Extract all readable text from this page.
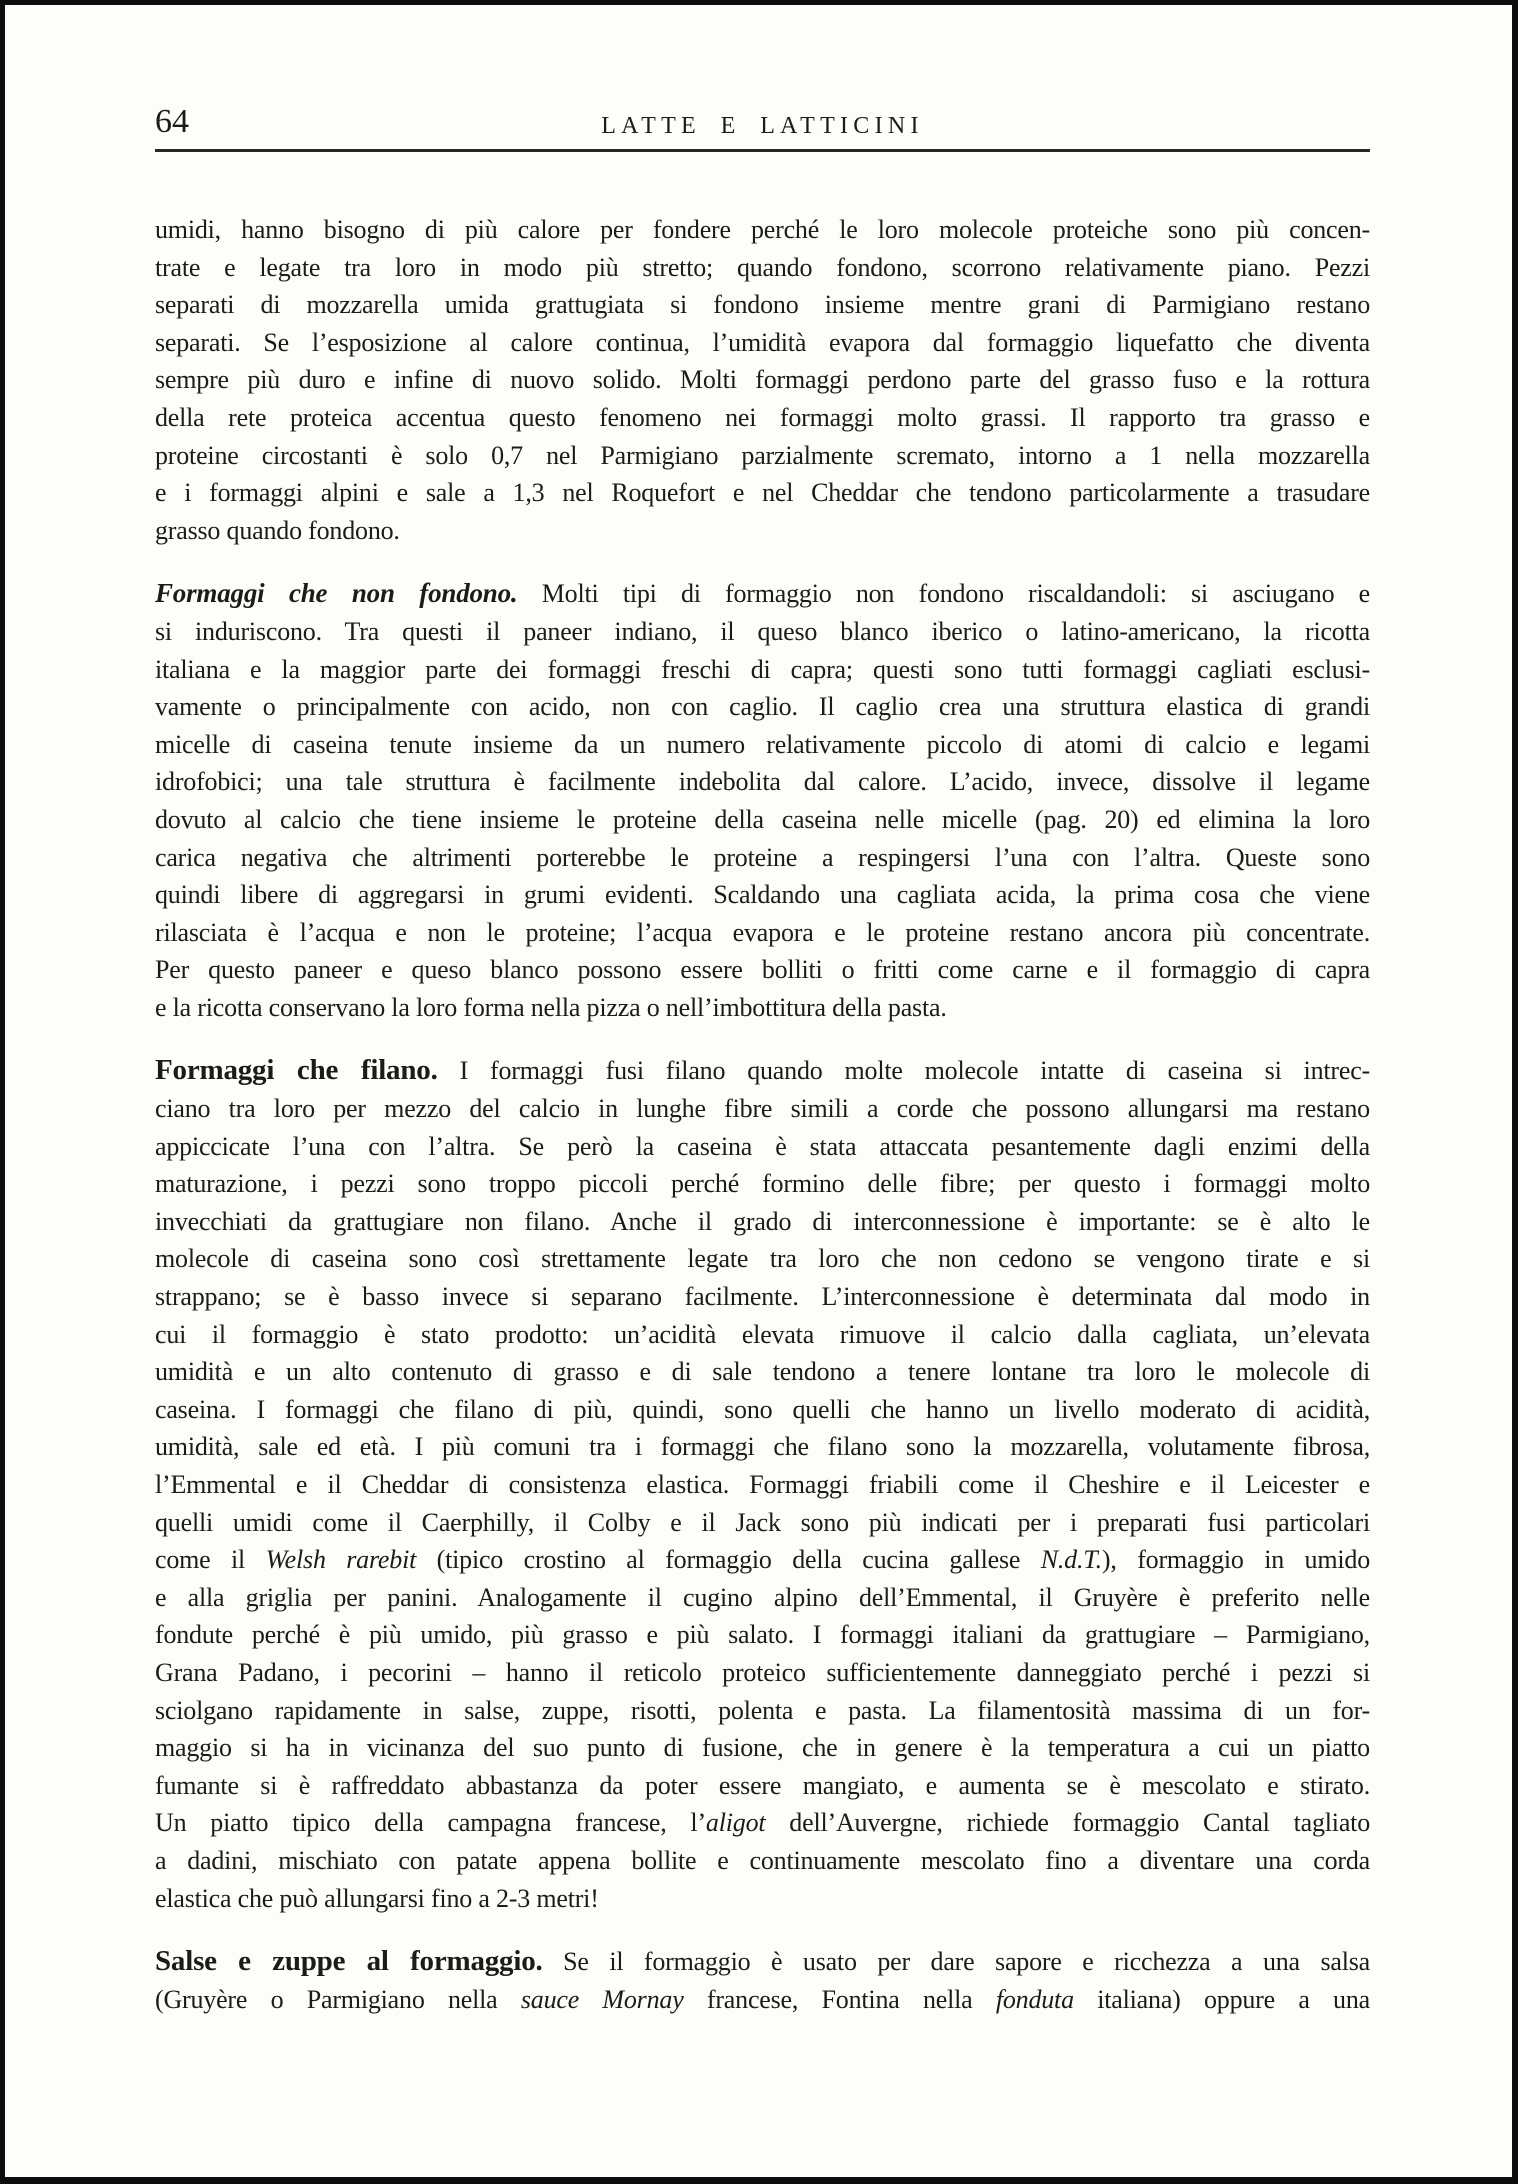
64	LATTE E LATTICINI
umidi, hanno bisogno di più calore per fondere perché le loro molecole proteiche sono più concen-
trate e legate tra loro in modo più stretto; quando fondono, scorrono relativamente piano. Pezzi
separati di mozzarella umida grattugiata si fondono insieme mentre grani di Parmigiano restano
separati. Se l’esposizione al calore continua, l’umidità evapora dal formaggio liquefatto che diventa
sempre più duro e infine di nuovo solido. Molti formaggi perdono parte del grasso fuso e la rottura
della rete proteica accentua questo fenomeno nei formaggi molto grassi. Il rapporto tra grasso e
proteine circostanti è solo 0,7 nel Parmigiano parzialmente scremato, intorno a 1 nella mozzarella
e i formaggi alpini e sale a 1,3 nel Roquefort e nel Cheddar che tendono particolarmente a trasudare
grasso quando fondono.
Formaggi che non fondono. Molti tipi di formaggio non fondono riscaldandoli: si asciugano e
si induriscono. Tra questi il paneer indiano, il queso blanco iberico o latino-americano, la ricotta
italiana e la maggior parte dei formaggi freschi di capra; questi sono tutti formaggi cagliati esclusi-
vamente o principalmente con acido, non con caglio. Il caglio crea una struttura elastica di grandi
micelle di caseina tenute insieme da un numero relativamente piccolo di atomi di calcio e legami
idrofobici; una tale struttura è facilmente indebolita dal calore. L’acido, invece, dissolve il legame
dovuto al calcio che tiene insieme le proteine della caseina nelle micelle (pag. 20) ed elimina la loro
carica negativa che altrimenti porterebbe le proteine a respingersi l’una con l’altra. Queste sono
quindi libere di aggregarsi in grumi evidenti. Scaldando una cagliata acida, la prima cosa che viene
rilasciata è l’acqua e non le proteine; l’acqua evapora e le proteine restano ancora più concentrate.
Per questo paneer e queso blanco possono essere bolliti o fritti come carne e il formaggio di capra
e la ricotta conservano la loro forma nella pizza o nell’imbottitura della pasta.
Formaggi che filano. I formaggi fusi filano quando molte molecole intatte di caseina si intrec-
ciano tra loro per mezzo del calcio in lunghe fibre simili a corde che possono allungarsi ma restano
appiccicate l’una con l’altra. Se però la caseina è stata attaccata pesantemente dagli enzimi della
maturazione, i pezzi sono troppo piccoli perché formino delle fibre; per questo i formaggi molto
invecchiati da grattugiare non filano. Anche il grado di interconnessione è importante: se è alto le
molecole di caseina sono così strettamente legate tra loro che non cedono se vengono tirate e si
strappano; se è basso invece si separano facilmente. L’interconnessione è determinata dal modo in
cui il formaggio è stato prodotto: un’acidità elevata rimuove il calcio dalla cagliata, un’elevata
umidità e un alto contenuto di grasso e di sale tendono a tenere lontane tra loro le molecole di
caseina. I formaggi che filano di più, quindi, sono quelli che hanno un livello moderato di acidità,
umidità, sale ed età. I più comuni tra i formaggi che filano sono la mozzarella, volutamente fibrosa,
l’Emmental e il Cheddar di consistenza elastica. Formaggi friabili come il Cheshire e il Leicester e
quelli umidi come il Caerphilly, il Colby e il Jack sono più indicati per i preparati fusi particolari
come il Welsh rarebit (tipico crostino al formaggio della cucina gallese N.d.T.), formaggio in umido
e alla griglia per panini. Analogamente il cugino alpino dell’Emmental, il Gruyère è preferito nelle
fondute perché è più umido, più grasso e più salato. I formaggi italiani da grattugiare – Parmigiano,
Grana Padano, i pecorini – hanno il reticolo proteico sufficientemente danneggiato perché i pezzi si
sciolgano rapidamente in salse, zuppe, risotti, polenta e pasta. La filamentosità massima di un for-
maggio si ha in vicinanza del suo punto di fusione, che in genere è la temperatura a cui un piatto
fumante si è raffreddato abbastanza da poter essere mangiato, e aumenta se è mescolato e stirato.
Un piatto tipico della campagna francese, l’aligot dell’Auvergne, richiede formaggio Cantal tagliato
a dadini, mischiato con patate appena bollite e continuamente mescolato fino a diventare una corda
elastica che può allungarsi fino a 2-3 metri!
Salse e zuppe al formaggio. Se il formaggio è usato per dare sapore e ricchezza a una salsa
(Gruyère o Parmigiano nella sauce Mornay francese, Fontina nella fonduta italiana) oppure a una
